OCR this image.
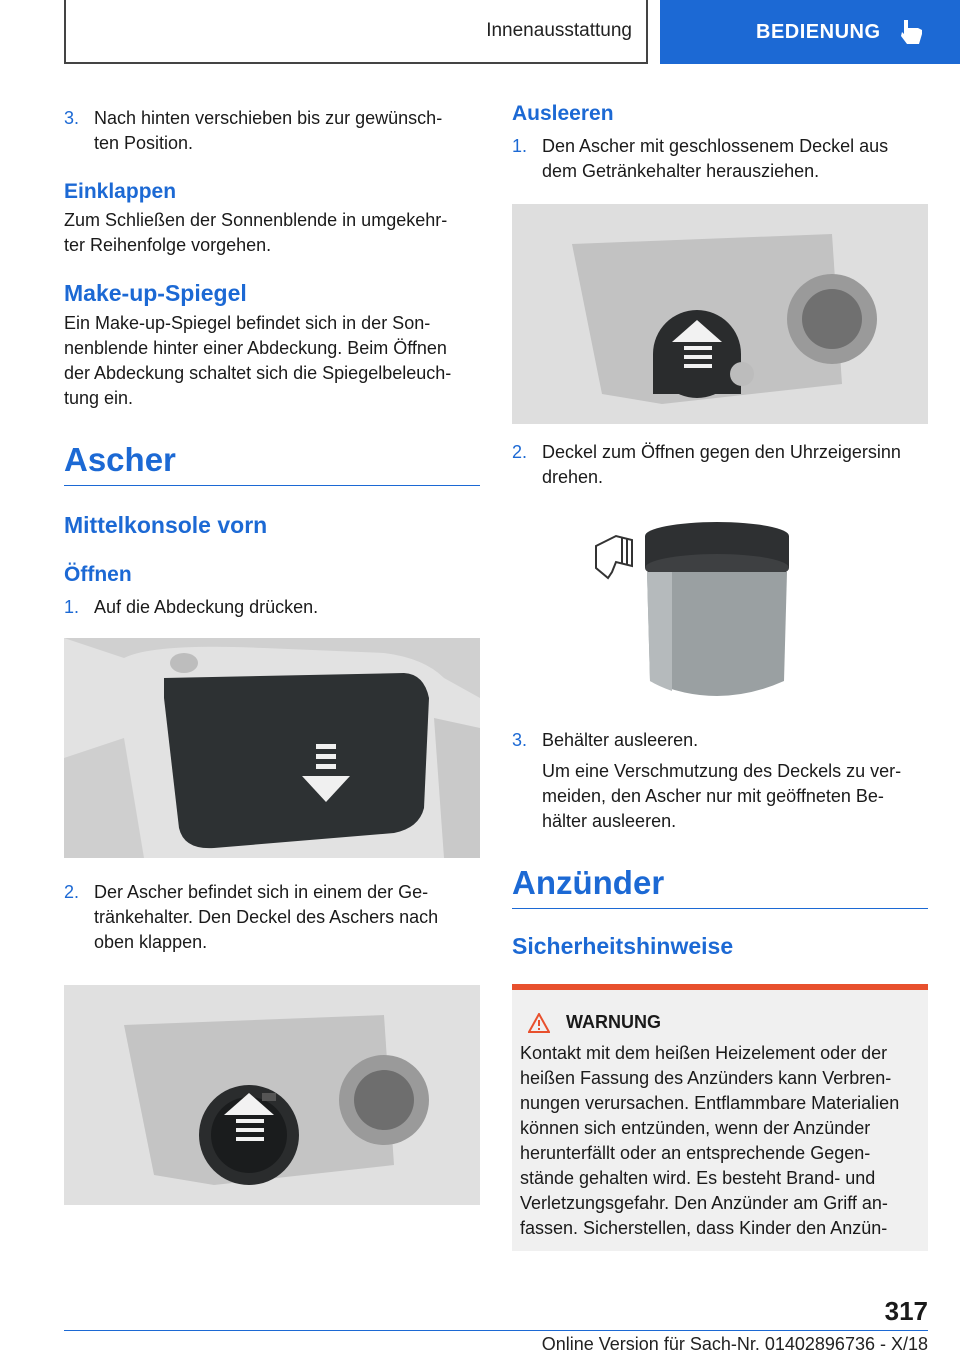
Innenausstattung	BEDIENUNG
3. Nach hinten verschieben bis zur gewünsch-
ten Position.
Einklappen

Zum Schließen der Sonnenblende in umgekehr-
ter Reihenfolge vorgehen.

Make-up-Spiegel

Ein Make-up-Spiegel befindet sich in der Son-
nenblende hinter einer Abdeckung. Beim Öffnen
der Abdeckung schaltet sich die Spiegelbeleuch-
tung ein.

Ascher
Mittelkonsole vorn
Öffnen
1. Auf die Abdeckung drücken.
2. Der Ascher befindet sich in einem der Ge-
tränkehalter. Den Deckel des Aschers nach
oben klappen.
Ausleeren
1. Den Ascher mit geschlossenem Deckel aus
dem Getränkehalter herausziehen.
2. Deckel zum Öffnen gegen den Uhrzeigersinn
drehen.
3. Behälter ausleeren.

Um eine Verschmutzung des Deckels zu ver-
meiden, den Ascher nur mit geöffneten Be-
hälter ausleeren.

Anzünder
Sicherheitshinweise
WARNUNG

Kontakt mit dem heißen Heizelement oder der
heißen Fassung des Anzünders kann Verbren-
nungen verursachen. Entflammbare Materialien
können sich entzünden, wenn der Anzünder
herunterfällt oder an entsprechende Gegen-
stände gehalten wird. Es besteht Brand- und
Verletzungsgefahr. Den Anzünder am Griff an-
fassen. Sicherstellen, dass Kinder den Anzün-

317
Online Version für Sach-Nr. 01402896736 - X/18
